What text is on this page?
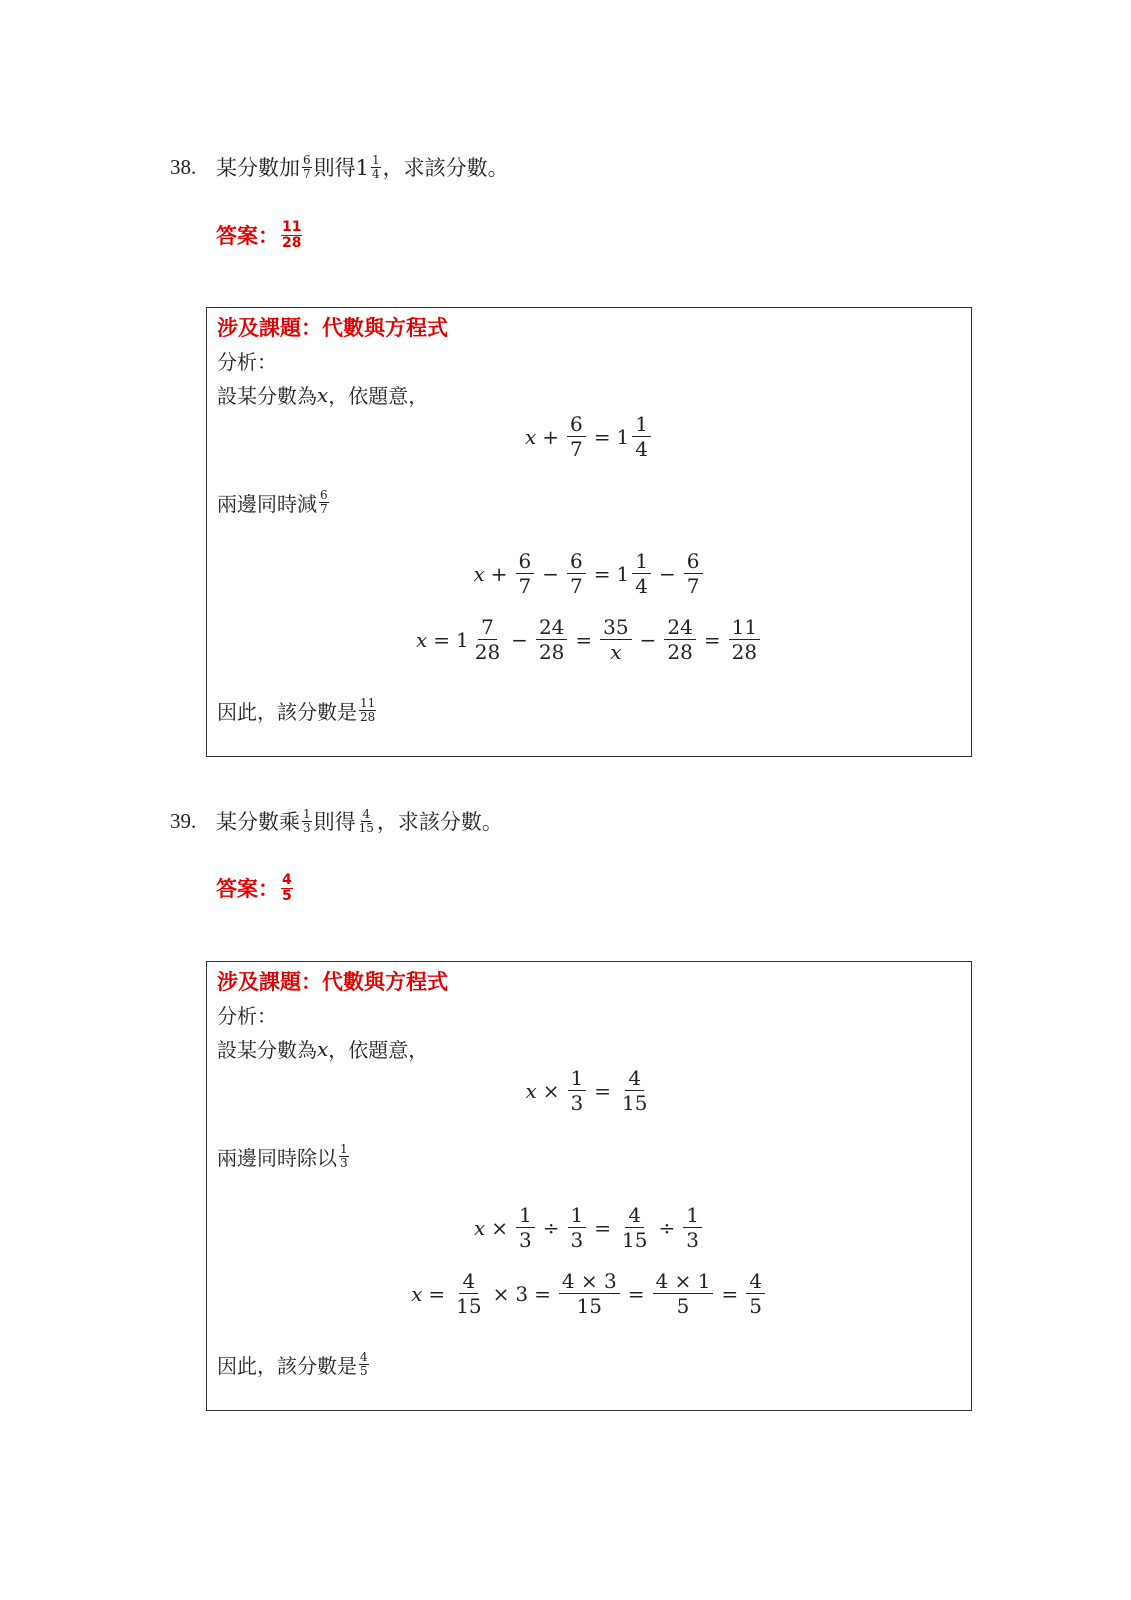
38. 某分數加 $\frac{6}{7}$ 則得$1 \frac{1}{4}$ ，求該分數。
答案： $\frac{11}{28}$
涉及課題：代數與方程式
分析：
設某分數為 x ，依題意，
$x + \frac{6}{7} = 1 \frac{1}{4}$
兩邊同時減 $\frac{6}{7}$
$x + \frac{6}{7} - \frac{6}{7} = 1 \frac{1}{4} - \frac{6}{7}$
$x = 1 \frac{7}{28} - \frac{24}{28} = \frac{35}{x} - \frac{24}{28} = \frac{11}{28}$
因此，該分數是 $\frac{11}{28}$
39. 某分數乘 $\frac{1}{3}$ 則得 $\frac{4}{15}$ ，求該分數。
答案： $\frac{4}{5}$
涉及課題：代數與方程式
分析：
設某分數為 x ，依題意，
$x \times \frac{1}{3} = \frac{4}{15}$
兩邊同時除以 $\frac{1}{3}$
$x \times \frac{1}{3} \div \frac{1}{3} = \frac{4}{15} \div \frac{1}{3}$
$x = \frac{4}{15} \times 3 = \frac{4 \times 3}{15} = \frac{4 \times 1}{5} = \frac{4}{5}$
因此，該分數是 $\frac{4}{5}$
